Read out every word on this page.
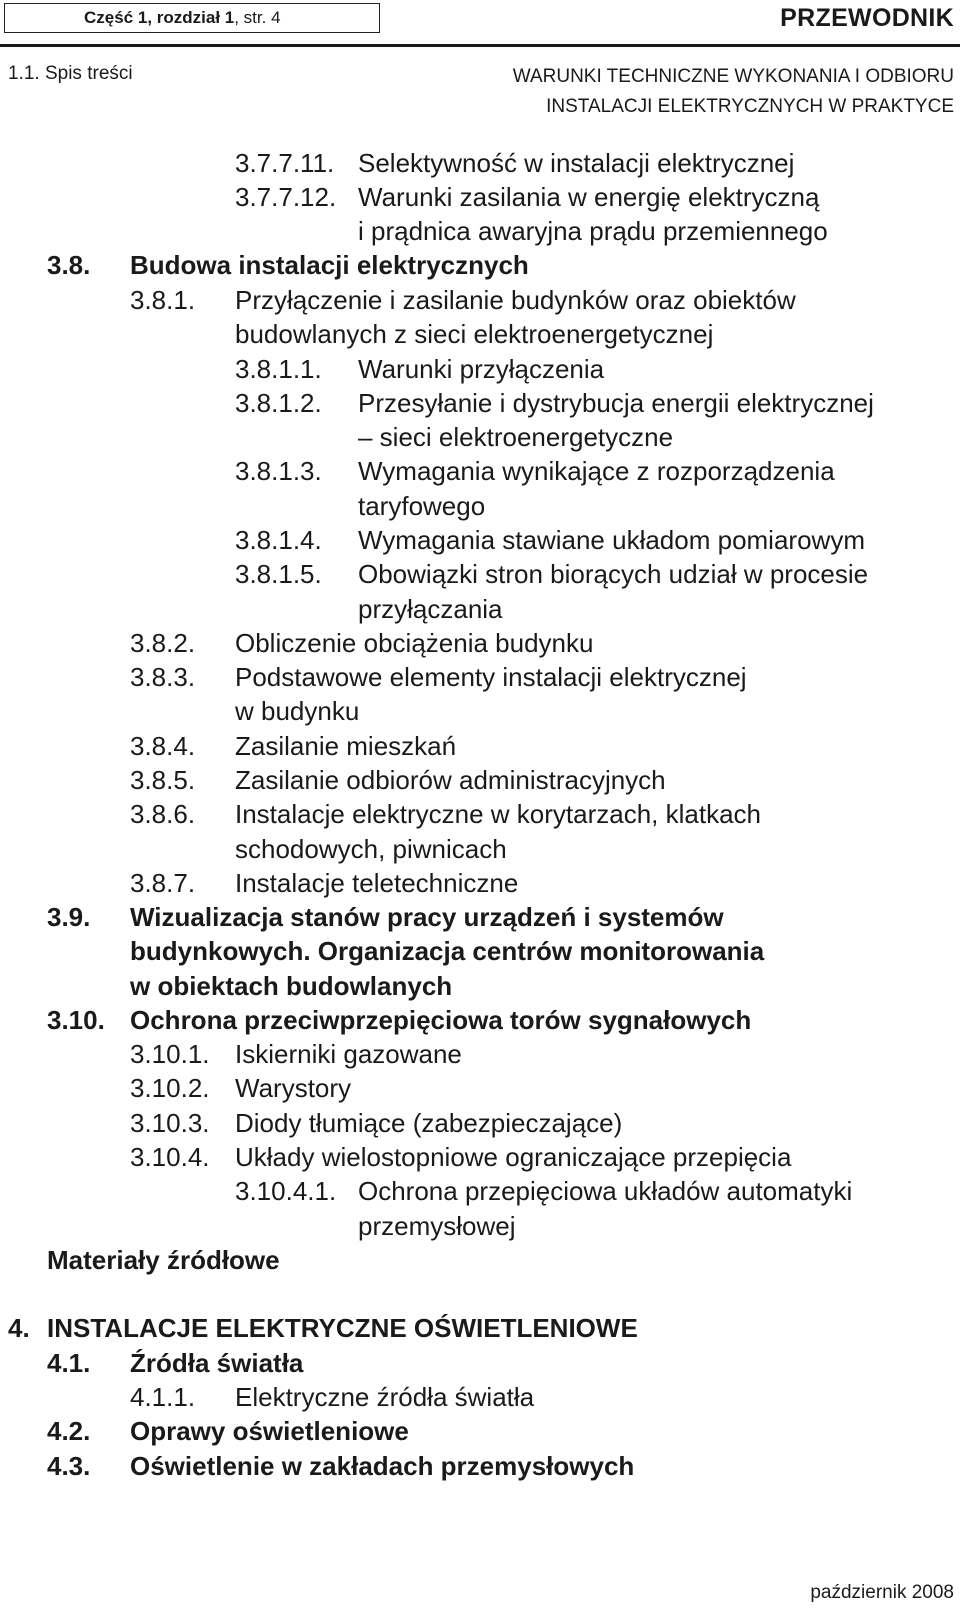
Część 1, rozdział 1, str. 4	PRZEWODNIK
1.1. Spis treści	WARUNKI TECHNICZNE WYKONANIA I ODBIORU
INSTALACJI ELEKTRYCZNYCH W PRAKTYCE
3.7.7.11. Selektywność w instalacji elektrycznej
3.7.7.12. Warunki zasilania w energię elektryczną
i prądnica awaryjna prądu przemiennego
3.8. Budowa instalacji elektrycznych
3.8.1. Przyłączenie i zasilanie budynków oraz obiektów
budowlanych z sieci elektroenergetycznej
3.8.1.1. Warunki przyłączenia
3.8.1.2. Przesyłanie i dystrybucja energii elektrycznej
– sieci elektroenergetyczne
3.8.1.3. Wymagania wynikające z rozporządzenia
taryfowego
3.8.1.4. Wymagania stawiane układom pomiarowym
3.8.1.5. Obowiązki stron biorących udział w procesie
przyłączania
3.8.2. Obliczenie obciążenia budynku
3.8.3. Podstawowe elementy instalacji elektrycznej
w budynku
3.8.4. Zasilanie mieszkań
3.8.5. Zasilanie odbiorów administracyjnych
3.8.6. Instalacje elektryczne w korytarzach, klatkach
schodowych, piwnicach
3.8.7. Instalacje teletechniczne
3.9. Wizualizacja stanów pracy urządzeń i systemów
budynkowych. Organizacja centrów monitorowania
w obiektach budowlanych
3.10. Ochrona przeciwprzepięciowa torów sygnałowych
3.10.1. Iskierniki gazowane
3.10.2. Warystory
3.10.3. Diody tłumiące (zabezpieczające)
3.10.4. Układy wielostopniowe ograniczające przepięcia
3.10.4.1. Ochrona przepięciowa układów automatyki
przemysłowej
Materiały źródłowe
4. INSTALACJE ELEKTRYCZNE OŚWIETLENIOWE
4.1. Źródła światła
4.1.1. Elektryczne źródła światła
4.2. Oprawy oświetleniowe
4.3. Oświetlenie w zakładach przemysłowych
październik 2008
